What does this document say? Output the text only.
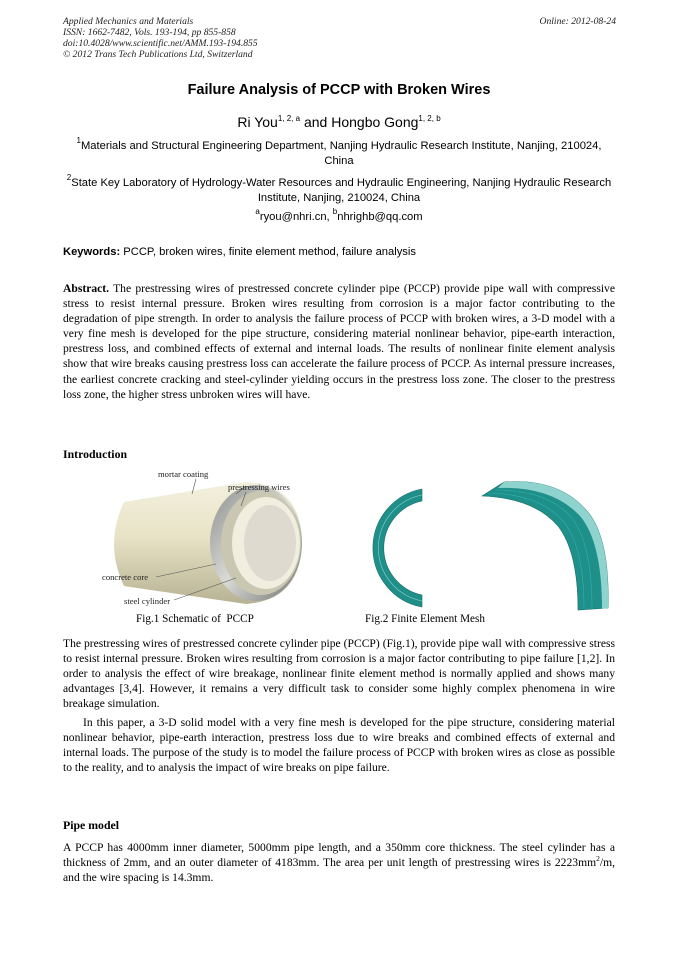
Applied Mechanics and Materials
ISSN: 1662-7482, Vols. 193-194, pp 855-858
doi:10.4028/www.scientific.net/AMM.193-194.855
© 2012 Trans Tech Publications Ltd, Switzerland
Online: 2012-08-24
Failure Analysis of PCCP with Broken Wires
Ri You$^{1, 2, a}$ and Hongbo Gong$^{1, 2, b}$
$^1$Materials and Structural Engineering Department, Nanjing Hydraulic Research Institute, Nanjing, 210024, China
$^2$State Key Laboratory of Hydrology-Water Resources and Hydraulic Engineering, Nanjing Hydraulic Research Institute, Nanjing, 210024, China
$^a$ryou@nhri.cn, $^b$nhrighb@qq.com
Keywords: PCCP, broken wires, finite element method, failure analysis
Abstract. The prestressing wires of prestressed concrete cylinder pipe (PCCP) provide pipe wall with compressive stress to resist internal pressure. Broken wires resulting from corrosion is a major factor contributing to the degradation of pipe strength. In order to analysis the failure process of PCCP with broken wires, a 3-D model with a very fine mesh is developed for the pipe structure, considering material nonlinear behavior, pipe-earth interaction, prestress loss, and combined effects of external and internal loads. The results of nonlinear finite element analysis show that wire breaks causing prestress loss can accelerate the failure process of PCCP. As internal pressure increases, the earliest concrete cracking and steel-cylinder yielding occurs in the prestress loss zone. The closer to the prestress loss zone, the higher stress unbroken wires will have.
Introduction
mortar coating
prestressing wires
concrete core
steel cylinder
Fig.1 Schematic of  PCCP	Fig.2 Finite Element Mesh
The prestressing wires of prestressed concrete cylinder pipe (PCCP) (Fig.1), provide pipe wall with compressive stress to resist internal pressure. Broken wires resulting from corrosion is a major factor contributing to pipe failure [1,2]. In order to analysis the effect of wire breakage, nonlinear finite element method is normally applied and shows many advantages [3,4]. However, it remains a very difficult task to consider some highly complex phenomena in wire breakage simulation.
In this paper, a 3-D solid model with a very fine mesh is developed for the pipe structure, considering material nonlinear behavior, pipe-earth interaction, prestress loss due to wire breaks and combined effects of external and internal loads. The purpose of the study is to model the failure process of PCCP with broken wires as close as possible to the reality, and to analysis the impact of wire breaks on pipe failure.
Pipe model
A PCCP has 4000mm inner diameter, 5000mm pipe length, and a 350mm core thickness. The steel cylinder has a thickness of 2mm, and an outer diameter of 4183mm. The area per unit length of prestressing wires is $2223mm^2/m$, and the wire spacing is 14.3mm.
